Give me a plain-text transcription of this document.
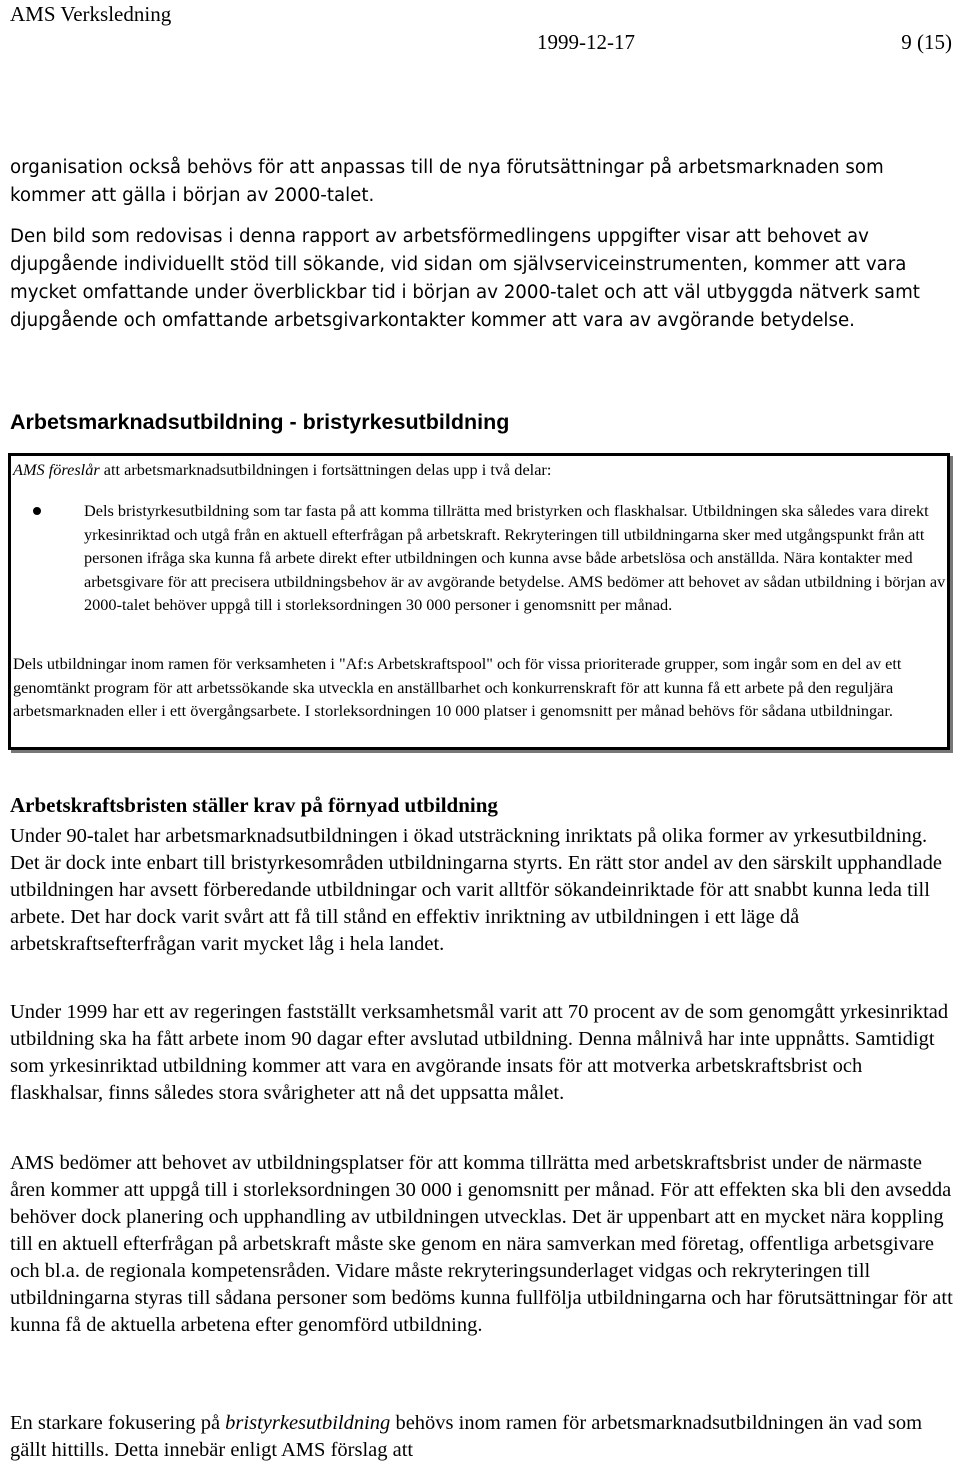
AMS Verksledning
1999-12-17	9 (15)

organisation också behövs för att anpassas till de nya förutsättningar på arbetsmarknaden som kommer att gälla i början av 2000-talet.

Den bild som redovisas i denna rapport av arbetsförmedlingens uppgifter visar att behovet av djupgående individuellt stöd till sökande, vid sidan om självserviceinstrumenten, kommer att vara mycket omfattande under överblickbar tid i början av 2000-talet och att väl utbyggda nätverk samt djupgående och omfattande arbetsgivarkontakter kommer att vara av avgörande betydelse.

Arbetsmarknadsutbildning - bristyrkesutbildning

AMS föreslår att arbetsmarknadsutbildningen i fortsättningen delas upp i två delar:

Dels bristyrkesutbildning som tar fasta på att komma tillrätta med bristyrken och flaskhalsar. Utbildningen ska således vara direkt yrkesinriktad och utgå från en aktuell efterfrågan på arbetskraft. Rekryteringen till utbildningarna sker med utgångspunkt från att personen ifråga ska kunna få arbete direkt efter utbildningen och kunna avse både arbetslösa och anställda. Nära kontakter med arbetsgivare för att precisera utbildningsbehov är av avgörande betydelse. AMS bedömer att behovet av sådan utbildning i början av 2000-talet behöver uppgå till i storleksordningen 30 000 personer i genomsnitt per månad.

Dels utbildningar inom ramen för verksamheten i "Af:s Arbetskraftspool" och för vissa prioriterade grupper, som ingår som en del av ett genomtänkt program för att arbetssökande ska utveckla en anställbarhet och konkurrenskraft för att kunna få ett arbete på den reguljära arbetsmarknaden eller i ett övergångsarbete. I storleksordningen 10 000 platser i genomsnitt per månad behövs för sådana utbildningar.

Arbetskraftsbristen ställer krav på förnyad utbildning

Under 90-talet har arbetsmarknadsutbildningen i ökad utsträckning inriktats på olika former av yrkesutbildning. Det är dock inte enbart till bristyrkesområden utbildningarna styrts. En rätt stor andel av den särskilt upphandlade utbildningen har avsett förberedande utbildningar och varit alltför sökandeinriktade för att snabbt kunna leda till arbete. Det har dock varit svårt att få till stånd en effektiv inriktning av utbildningen i ett läge då arbetskraftsefterfrågan varit mycket låg i hela landet.

Under 1999 har ett av regeringen fastställt verksamhetsmål varit att 70 procent av de som genomgått yrkesinriktad utbildning ska ha fått arbete inom 90 dagar efter avslutad utbildning. Denna målnivå har inte uppnåtts. Samtidigt som yrkesinriktad utbildning kommer att vara en avgörande insats för att motverka arbetskraftsbrist och flaskhalsar, finns således stora svårigheter att nå det uppsatta målet.

AMS bedömer att behovet av utbildningsplatser för att komma tillrätta med arbetskraftsbrist under de närmaste åren kommer att uppgå till i storleksordningen 30 000 i genomsnitt per månad. För att effekten ska bli den avsedda behöver dock planering och upphandling av utbildningen utvecklas. Det är uppenbart att en mycket nära koppling till en aktuell efterfrågan på arbetskraft måste ske genom en nära samverkan med företag, offentliga arbetsgivare och bl.a. de regionala kompetensråden. Vidare måste rekryteringsunderlaget vidgas och rekryteringen till utbildningarna styras till sådana personer som bedöms kunna fullfölja utbildningarna och har förutsättningar för att kunna få de aktuella arbetena efter genomförd utbildning.

En starkare fokusering på bristyrkesutbildning behövs inom ramen för arbetsmarknadsutbildningen än vad som gällt hittills. Detta innebär enligt AMS förslag att
